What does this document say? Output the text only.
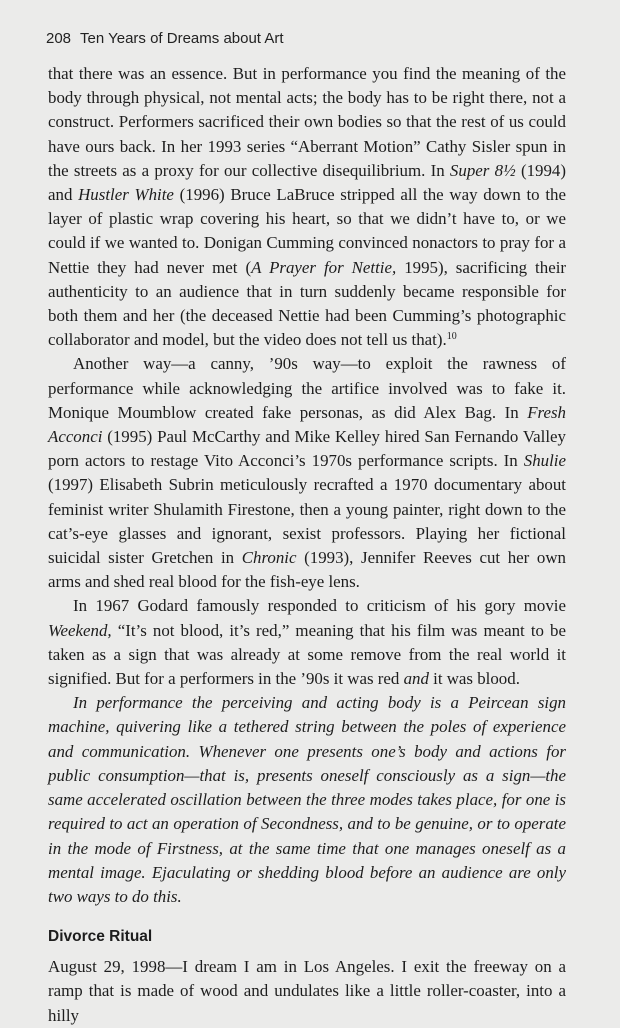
208 Ten Years of Dreams about Art

that there was an essence. But in performance you find the meaning of the body through physical, not mental acts; the body has to be right there, not a construct. Performers sacrificed their own bodies so that the rest of us could have ours back. In her 1993 series “Aberrant Motion” Cathy Sisler spun in the streets as a proxy for our collective disequilibrium. In Super 8½ (1994) and Hustler White (1996) Bruce LaBruce stripped all the way down to the layer of plastic wrap covering his heart, so that we didn’t have to, or we could if we wanted to. Donigan Cumming convinced nonactors to pray for a Nettie they had never met (A Prayer for Nettie, 1995), sacrificing their authenticity to an audience that in turn suddenly became responsible for both them and her (the deceased Nettie had been Cumming’s photographic collaborator and model, but the video does not tell us that).$^{10}$

Another way—a canny, ’90s way—to exploit the rawness of performance while acknowledging the artifice involved was to fake it. Monique Moumblow created fake personas, as did Alex Bag. In Fresh Acconci (1995) Paul McCarthy and Mike Kelley hired San Fernando Valley porn actors to restage Vito Acconci’s 1970s performance scripts. In Shulie (1997) Elisabeth Subrin meticulously recrafted a 1970 documentary about feminist writer Shulamith Firestone, then a young painter, right down to the cat’s-eye glasses and ignorant, sexist professors. Playing her fictional suicidal sister Gretchen in Chronic (1993), Jennifer Reeves cut her own arms and shed real blood for the fish-eye lens.

In 1967 Godard famously responded to criticism of his gory movie Weekend, “It’s not blood, it’s red,” meaning that his film was meant to be taken as a sign that was already at some remove from the real world it signified. But for a performers in the ’90s it was red and it was blood.

In performance the perceiving and acting body is a Peircean sign machine, quivering like a tethered string between the poles of experience and communication. Whenever one presents one’s body and actions for public consumption—that is, presents oneself consciously as a sign—the same accelerated oscillation between the three modes takes place, for one is required to act an operation of Secondness, and to be genuine, or to operate in the mode of Firstness, at the same time that one manages oneself as a mental image. Ejaculating or shedding blood before an audience are only two ways to do this.

Divorce Ritual

August 29, 1998—I dream I am in Los Angeles. I exit the freeway on a ramp that is made of wood and undulates like a little roller-coaster, into a hilly
